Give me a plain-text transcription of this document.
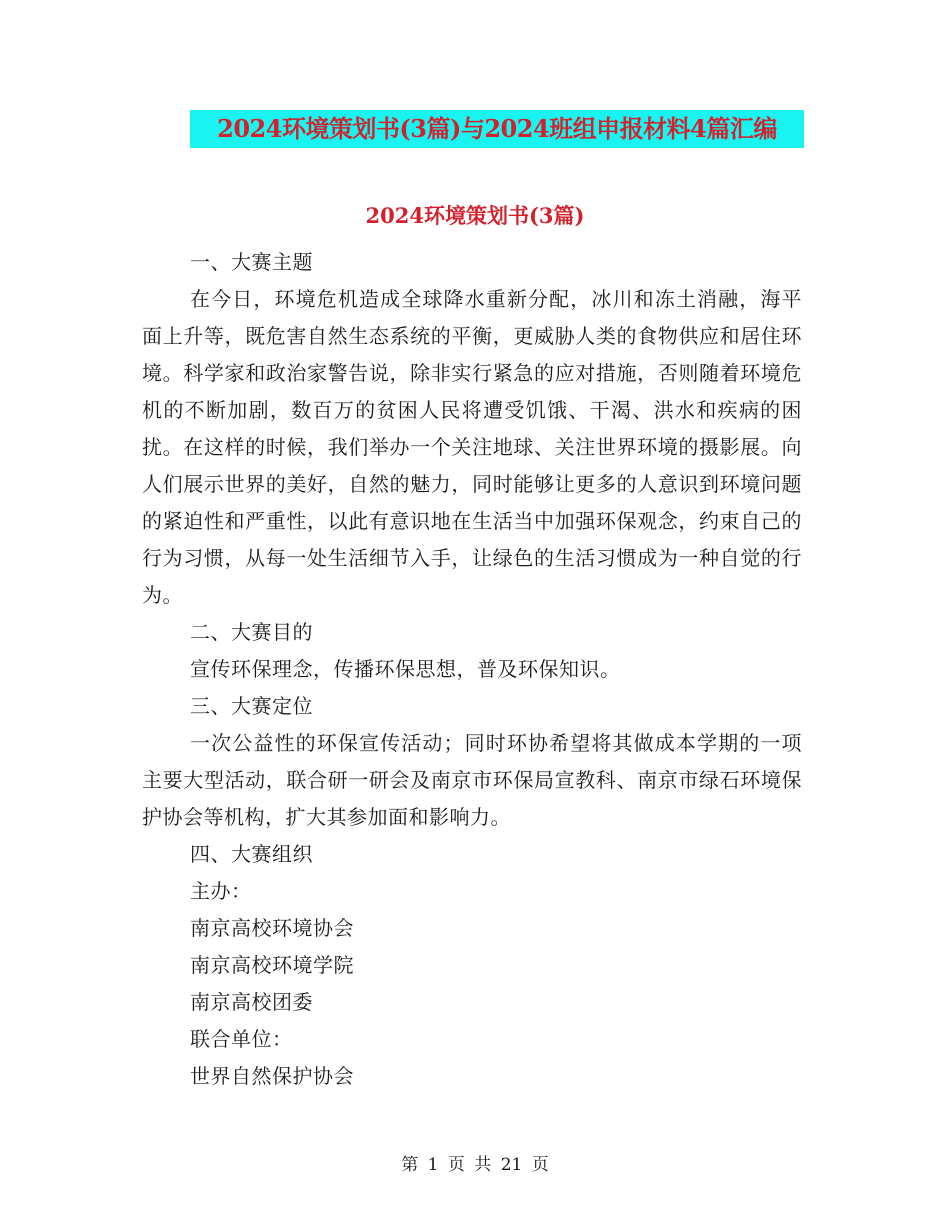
2024环境策划书(3篇)与2024班组申报材料4篇汇编
2024环境策划书(3篇)

一、大赛主题

在今日，环境危机造成全球降水重新分配，冰川和冻土消融，海平面上升等，既危害自然生态系统的平衡，更威胁人类的食物供应和居住环境。科学家和政治家警告说，除非实行紧急的应对措施，否则随着环境危机的不断加剧，数百万的贫困人民将遭受饥饿、干渴、洪水和疾病的困扰。在这样的时候，我们举办一个关注地球、关注世界环境的摄影展。向人们展示世界的美好，自然的魅力，同时能够让更多的人意识到环境问题的紧迫性和严重性，以此有意识地在生活当中加强环保观念，约束自己的行为习惯，从每一处生活细节入手，让绿色的生活习惯成为一种自觉的行为。

二、大赛目的

宣传环保理念，传播环保思想，普及环保知识。

三、大赛定位

一次公益性的环保宣传活动；同时环协希望将其做成本学期的一项主要大型活动，联合研一研会及南京市环保局宣教科、南京市绿石环境保护协会等机构，扩大其参加面和影响力。

四、大赛组织

主办：

南京高校环境协会

南京高校环境学院

南京高校团委

联合单位：

世界自然保护协会

第 1 页 共 21 页
